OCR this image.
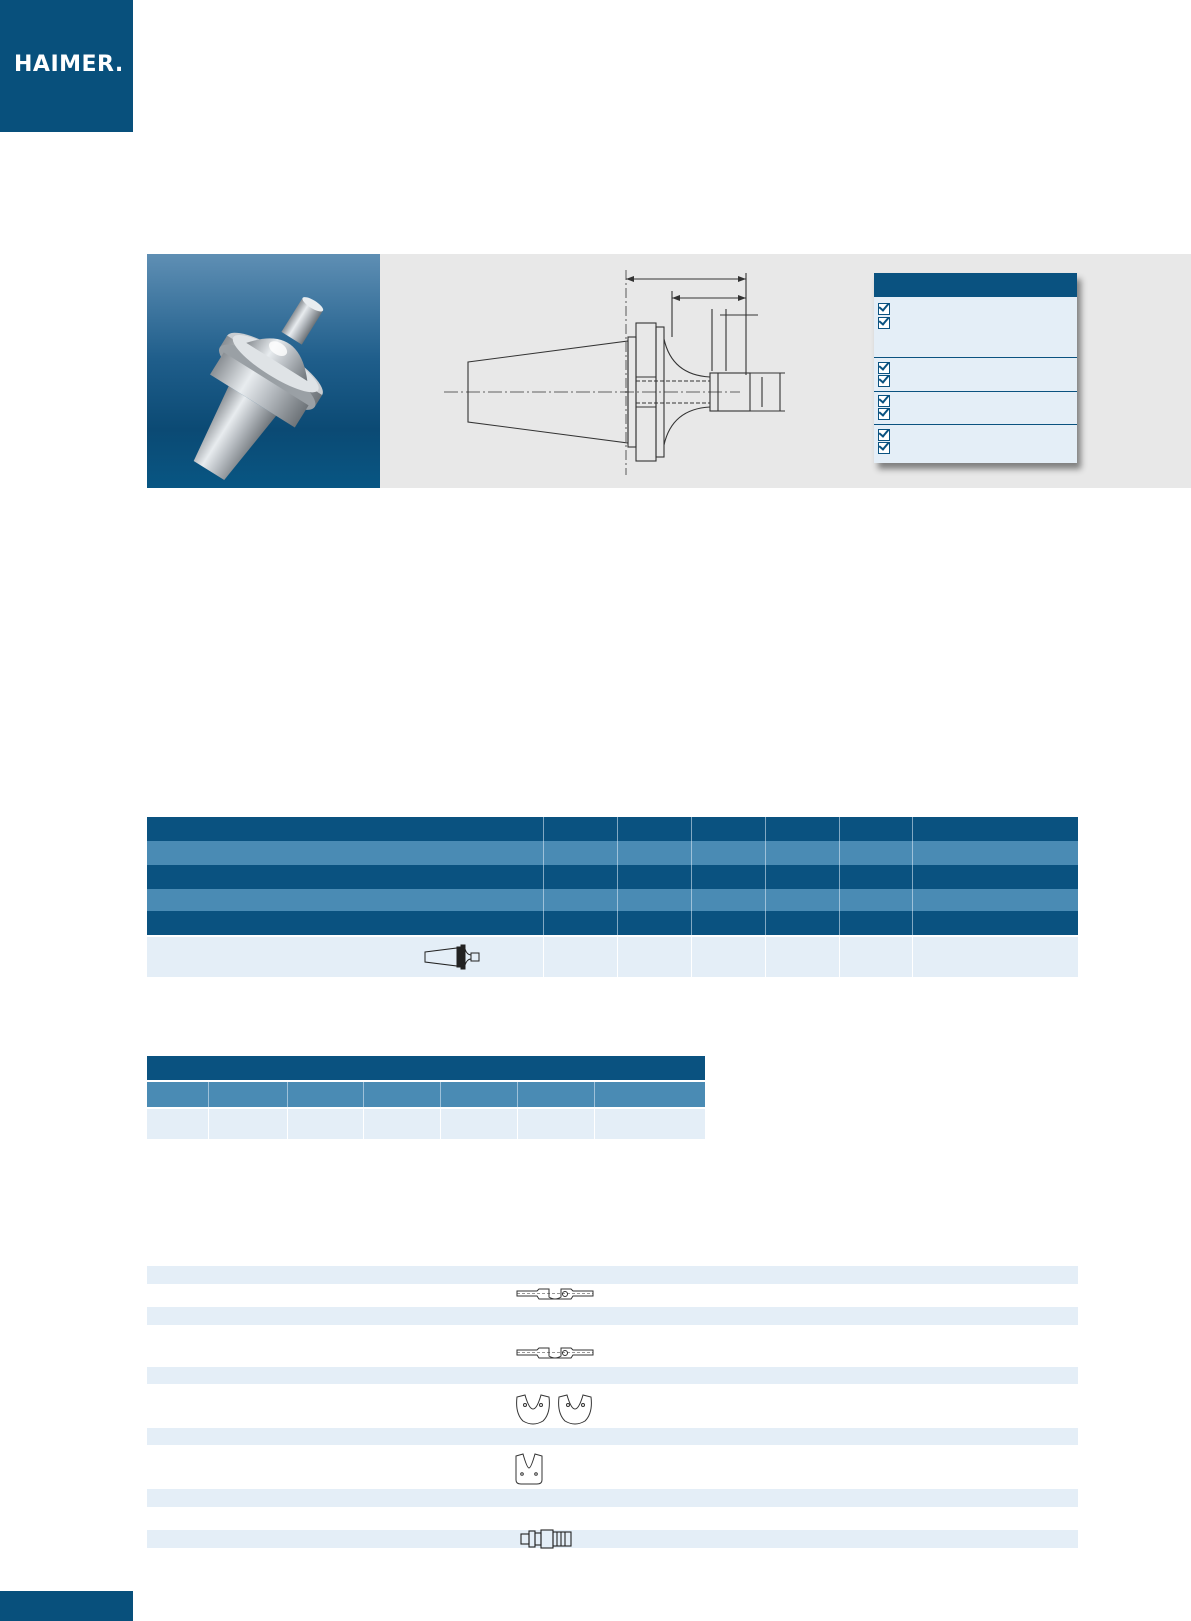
HAIMER.
